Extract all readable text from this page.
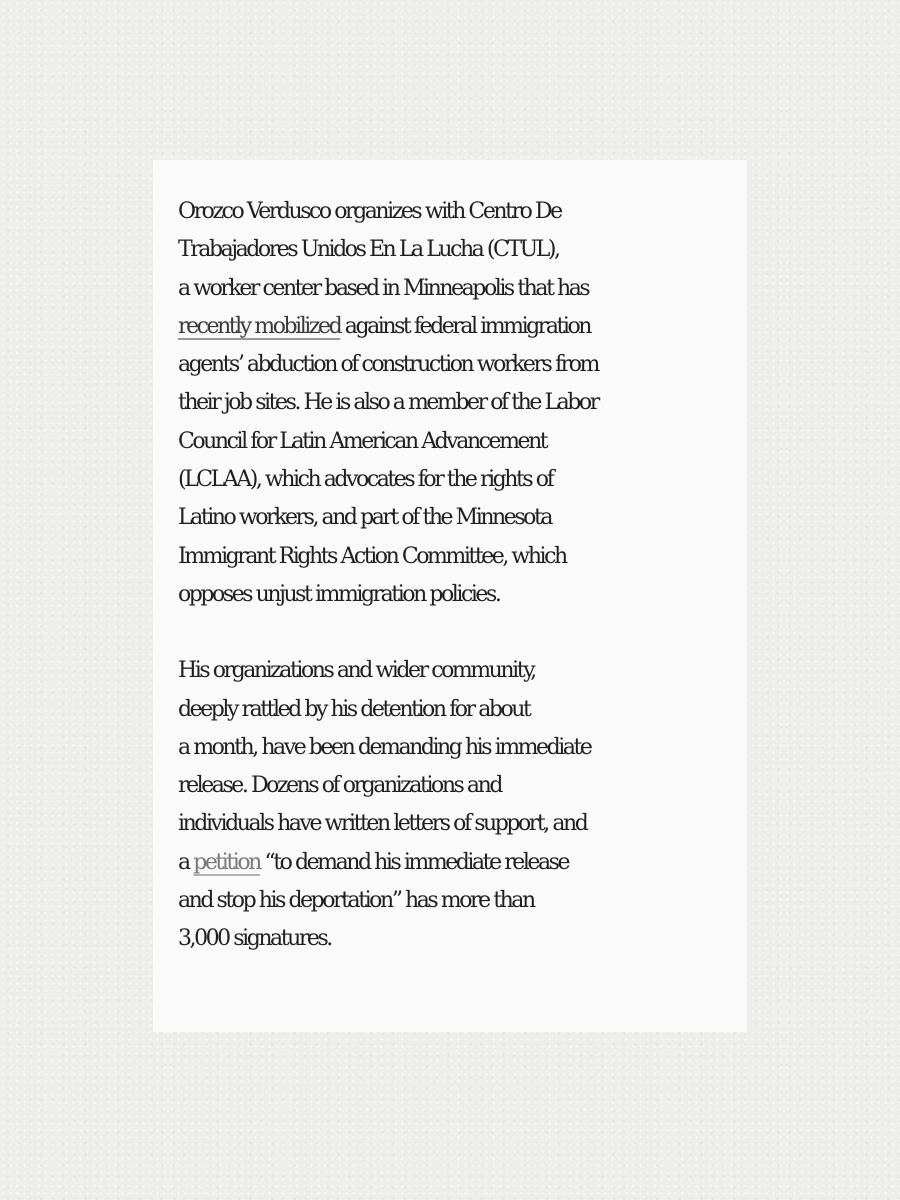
Orozco Verdusco organizes with Centro De
Trabajadores Unidos En La Lucha (CTUL),
a worker center based in Minneapolis that has
recently mobilized against federal immigration
agents’ abduction of construction workers from
their job sites. He is also a member of the Labor
Council for Latin American Advancement
(LCLAA), which advocates for the rights of
Latino workers, and part of the Minnesota
Immigrant Rights Action Committee, which
opposes unjust immigration policies.

His organizations and wider community,
deeply rattled by his detention for about
a month, have been demanding his immediate
release. Dozens of organizations and
individuals have written letters of support, and
a petition “to demand his immediate release
and stop his deportation” has more than
3,000 signatures.
